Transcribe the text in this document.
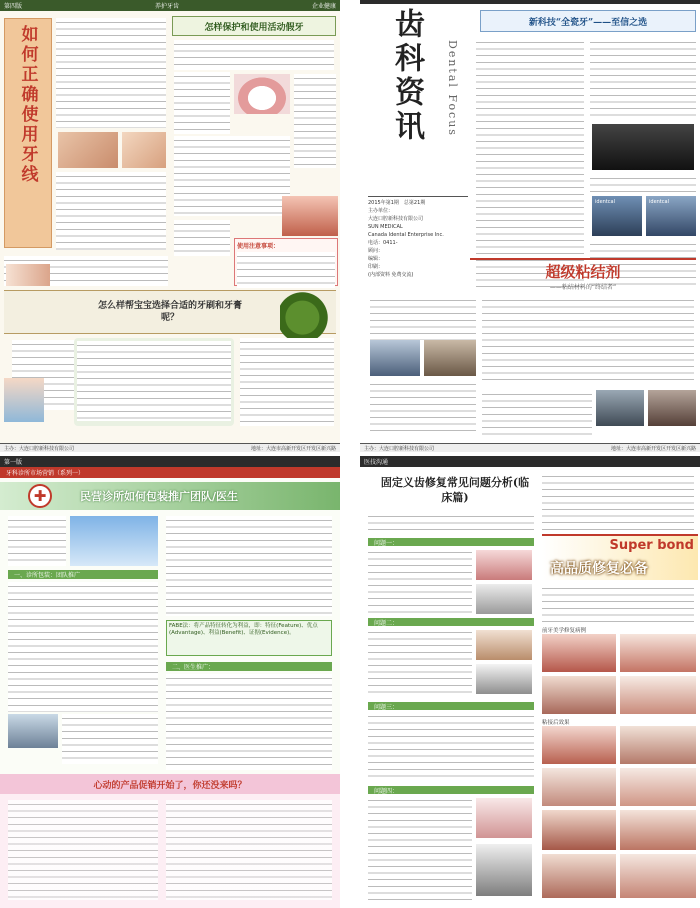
第四版	养护牙齿	企业健康
如何正确使用牙线	怎样保护和使用活动假牙
使用注意事项：
怎么样帮宝宝选择合适的牙刷和牙膏呢？
主办：大连口腔新科技有限公司	地址：大连市高新开发区开发区新兴路
齿科资讯	Dental Focus
2015年第1期　总第21期
主办单位：
大连口腔新科技有限公司
SUN MEDICAL
Canada Idental Enterprise Inc.
电话：0411-
顾问：
编辑：
印刷：
(内部资料 免费交流)
新科技“全瓷牙”——至信之选
identcal	identcal
超级粘结剂
——粘结材料的“终结者”
主办：大连口腔新科技有限公司	地址：大连市高新开发区开发区新兴路
第一版
牙科诊所市场营销（系列一）
民营诊所如何包装推广团队/医生
✚
一、诊所包装：团队推广
FABE法：将产品特征转化为利益，即：特征(Feature)、优点(Advantage)、利益(Benefit)、证据(Evidence)。
二、医生推广：
心动的产品促销开始了，你还没来吗？
医技沟通
固定义齿修复常见问题分析(临床篇)
问题一：
问题二：
问题三：
问题四：
Super bond
高品质修复必备
前牙美学修复病例
粘接后效果
